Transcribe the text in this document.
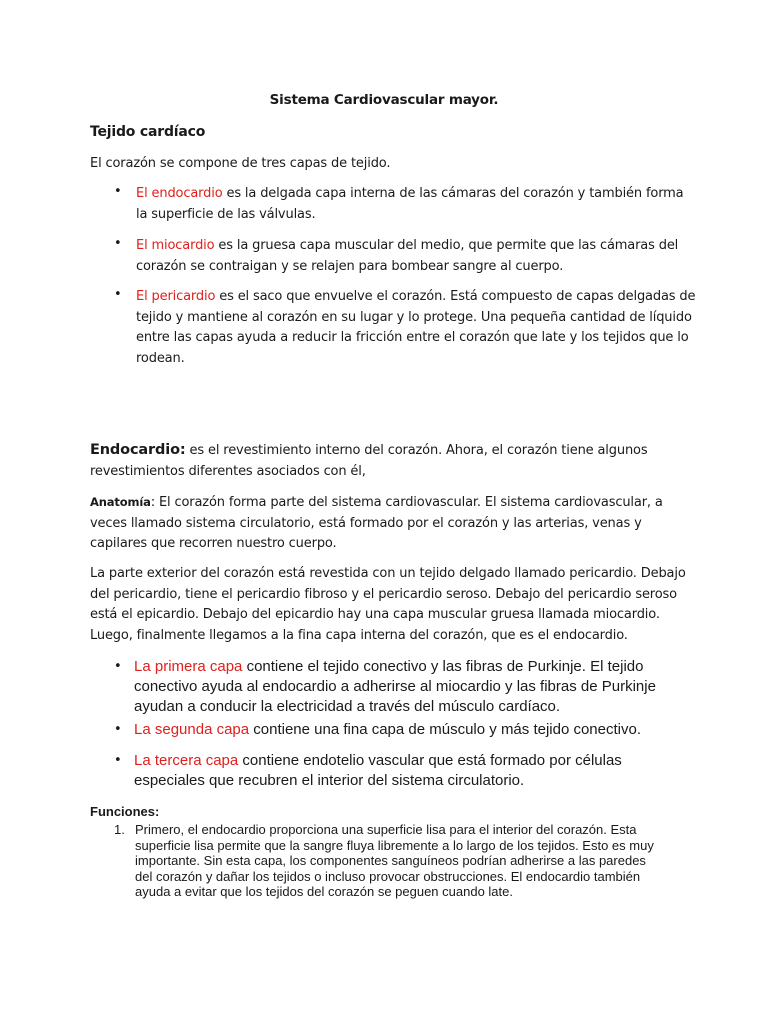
Sistema Cardiovascular mayor.
Tejido cardíaco
El corazón se compone de tres capas de tejido.
• El endocardio es la delgada capa interna de las cámaras del corazón y también forma la superficie de las válvulas.
• El miocardio es la gruesa capa muscular del medio, que permite que las cámaras del corazón se contraigan y se relajen para bombear sangre al cuerpo.
• El pericardio es el saco que envuelve el corazón. Está compuesto de capas delgadas de tejido y mantiene al corazón en su lugar y lo protege. Una pequeña cantidad de líquido entre las capas ayuda a reducir la fricción entre el corazón que late y los tejidos que lo rodean.
Endocardio: es el revestimiento interno del corazón. Ahora, el corazón tiene algunos revestimientos diferentes asociados con él,
Anatomía: El corazón forma parte del sistema cardiovascular. El sistema cardiovascular, a veces llamado sistema circulatorio, está formado por el corazón y las arterias, venas y capilares que recorren nuestro cuerpo.
La parte exterior del corazón está revestida con un tejido delgado llamado pericardio. Debajo del pericardio, tiene el pericardio fibroso y el pericardio seroso. Debajo del pericardio seroso está el epicardio. Debajo del epicardio hay una capa muscular gruesa llamada miocardio. Luego, finalmente llegamos a la fina capa interna del corazón, que es el endocardio.
• La primera capa contiene el tejido conectivo y las fibras de Purkinje. El tejido conectivo ayuda al endocardio a adherirse al miocardio y las fibras de Purkinje ayudan a conducir la electricidad a través del músculo cardíaco.
• La segunda capa contiene una fina capa de músculo y más tejido conectivo.
• La tercera capa contiene endotelio vascular que está formado por células especiales que recubren el interior del sistema circulatorio.
Funciones:
1. Primero, el endocardio proporciona una superficie lisa para el interior del corazón. Esta superficie lisa permite que la sangre fluya libremente a lo largo de los tejidos. Esto es muy importante. Sin esta capa, los componentes sanguíneos podrían adherirse a las paredes del corazón y dañar los tejidos o incluso provocar obstrucciones. El endocardio también ayuda a evitar que los tejidos del corazón se peguen cuando late.
